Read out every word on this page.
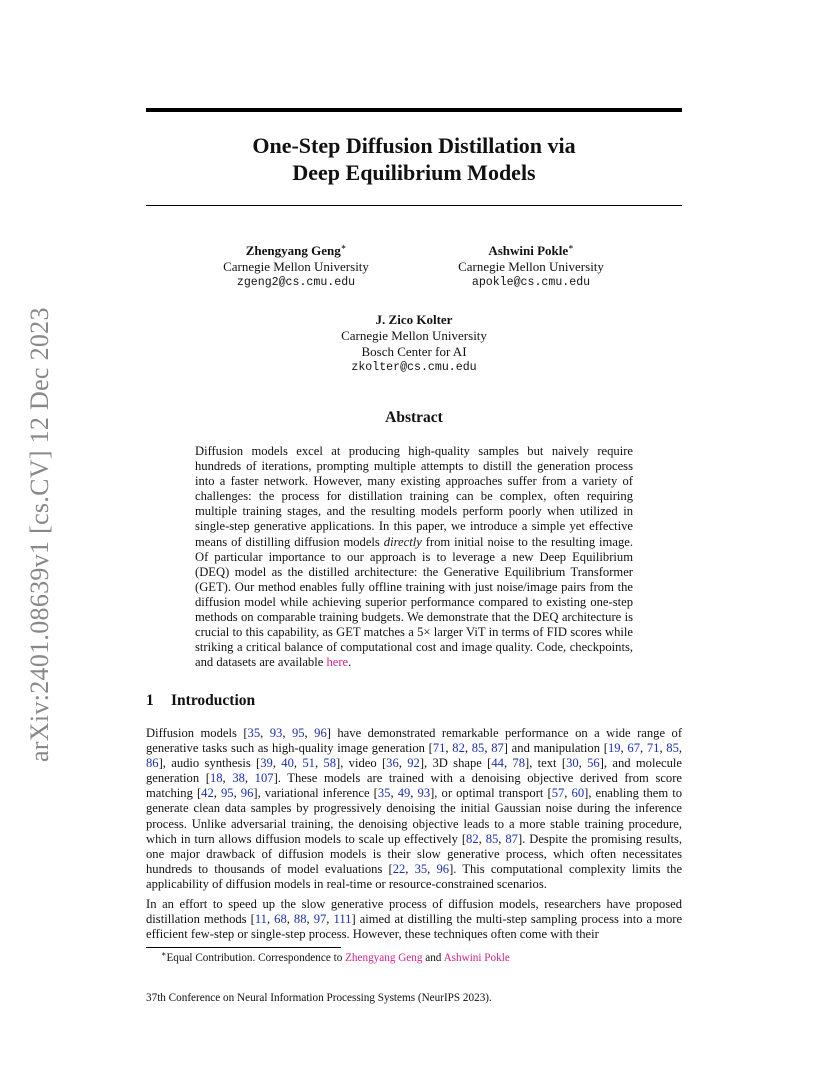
arXiv:2401.08639v1 [cs.CV] 12 Dec 2023
One-Step Diffusion Distillation via
Deep Equilibrium Models
Zhengyang Geng∗
Carnegie Mellon University
zgeng2@cs.cmu.edu
Ashwini Pokle∗
Carnegie Mellon University
apokle@cs.cmu.edu
J. Zico Kolter
Carnegie Mellon University
Bosch Center for AI
zkolter@cs.cmu.edu
Abstract
Diffusion models excel at producing high-quality samples but naively require hundreds of iterations, prompting multiple attempts to distill the generation process into a faster network. However, many existing approaches suffer from a variety of challenges: the process for distillation training can be complex, often requiring multiple training stages, and the resulting models perform poorly when utilized in single-step generative applications. In this paper, we introduce a simple yet effective means of distilling diffusion models directly from initial noise to the resulting image. Of particular importance to our approach is to leverage a new Deep Equilibrium (DEQ) model as the distilled architecture: the Generative Equilibrium Transformer (GET). Our method enables fully offline training with just noise/image pairs from the diffusion model while achieving superior performance compared to existing one-step methods on comparable training budgets. We demonstrate that the DEQ architecture is crucial to this capability, as GET matches a 5× larger ViT in terms of FID scores while striking a critical balance of computational cost and image quality. Code, checkpoints, and datasets are available here.
1 Introduction

Diffusion models [35, 93, 95, 96] have demonstrated remarkable performance on a wide range of generative tasks such as high-quality image generation [71, 82, 85, 87] and manipulation [19, 67, 71, 85, 86], audio synthesis [39, 40, 51, 58], video [36, 92], 3D shape [44, 78], text [30, 56], and molecule generation [18, 38, 107]. These models are trained with a denoising objective derived from score matching [42, 95, 96], variational inference [35, 49, 93], or optimal transport [57, 60], enabling them to generate clean data samples by progressively denoising the initial Gaussian noise during the inference process. Unlike adversarial training, the denoising objective leads to a more stable training procedure, which in turn allows diffusion models to scale up effectively [82, 85, 87]. Despite the promising results, one major drawback of diffusion models is their slow generative process, which often necessitates hundreds to thousands of model evaluations [22, 35, 96]. This computational complexity limits the applicability of diffusion models in real-time or resource-constrained scenarios.

In an effort to speed up the slow generative process of diffusion models, researchers have proposed distillation methods [11, 68, 88, 97, 111] aimed at distilling the multi-step sampling process into a more efficient few-step or single-step process. However, these techniques often come with their

∗Equal Contribution. Correspondence to Zhengyang Geng and Ashwini Pokle
37th Conference on Neural Information Processing Systems (NeurIPS 2023).
